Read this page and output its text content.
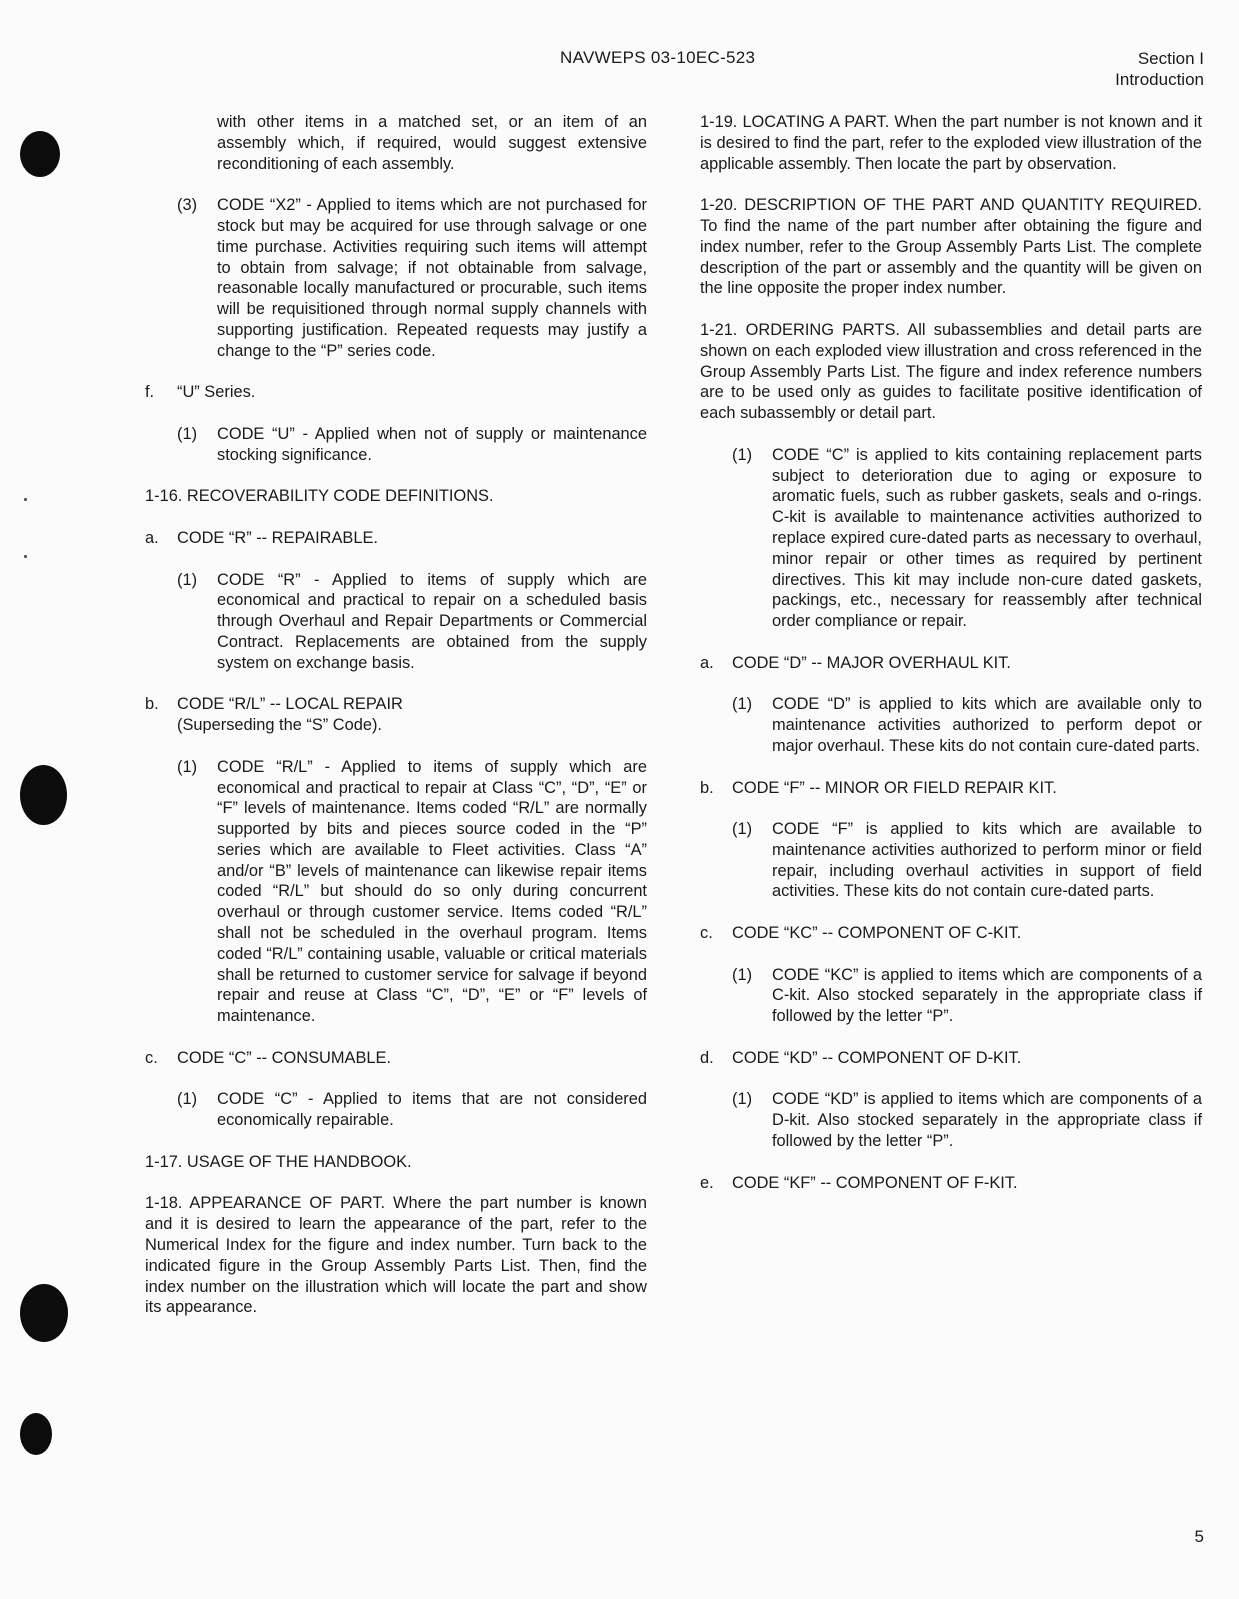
NAVWEPS 03-10EC-523	Section I
Introduction

with other items in a matched set, or an item of an assembly which, if required, would suggest extensive reconditioning of each assembly.

(3) CODE “X2” - Applied to items which are not purchased for stock but may be acquired for use through salvage or one time purchase. Activities requiring such items will attempt to obtain from salvage; if not obtainable from salvage, reasonable locally manufactured or procurable, such items will be requisitioned through normal supply channels with supporting justification. Repeated requests may justify a change to the “P” series code.

f. “U” Series.

(1) CODE “U” - Applied when not of supply or maintenance stocking significance.

1-16. RECOVERABILITY CODE DEFINITIONS.

a. CODE “R” -- REPAIRABLE.

(1) CODE “R” - Applied to items of supply which are economical and practical to repair on a scheduled basis through Overhaul and Repair Departments or Commercial Contract. Replacements are obtained from the supply system on exchange basis.
b. CODE “R/L” -- LOCAL REPAIR
(Superseding the “S” Code).
(1) CODE “R/L” - Applied to items of supply which are economical and practical to repair at Class “C”, “D”, “E” or “F” levels of maintenance. Items coded “R/L” are normally supported by bits and pieces source coded in the “P” series which are available to Fleet activities. Class “A” and/or “B” levels of maintenance can likewise repair items coded “R/L” but should do so only during concurrent overhaul or through customer service. Items coded “R/L” shall not be scheduled in the overhaul program. Items coded “R/L” containing usable, valuable or critical materials shall be returned to customer service for salvage if beyond repair and reuse at Class “C”, “D”, “E” or “F” levels of maintenance.

c. CODE “C” -- CONSUMABLE.

(1) CODE “C” - Applied to items that are not considered economically repairable.

1-17. USAGE OF THE HANDBOOK.

1-18. APPEARANCE OF PART. Where the part number is known and it is desired to learn the appearance of the part, refer to the Numerical Index for the figure and index number. Turn back to the indicated figure in the Group Assembly Parts List. Then, find the index number on the illustration which will locate the part and show its appearance.

1-19. LOCATING A PART. When the part number is not known and it is desired to find the part, refer to the exploded view illustration of the applicable assembly. Then locate the part by observation.

1-20. DESCRIPTION OF THE PART AND QUANTITY REQUIRED. To find the name of the part number after obtaining the figure and index number, refer to the Group Assembly Parts List. The complete description of the part or assembly and the quantity will be given on the line opposite the proper index number.

1-21. ORDERING PARTS. All subassemblies and detail parts are shown on each exploded view illustration and cross referenced in the Group Assembly Parts List. The figure and index reference numbers are to be used only as guides to facilitate positive identification of each subassembly or detail part.

(1) CODE “C” is applied to kits containing replacement parts subject to deterioration due to aging or exposure to aromatic fuels, such as rubber gaskets, seals and o-rings. C-kit is available to maintenance activities authorized to replace expired cure-dated parts as necessary to overhaul, minor repair or other times as required by pertinent directives. This kit may include non-cure dated gaskets, packings, etc., necessary for reassembly after technical order compliance or repair.

a. CODE “D” -- MAJOR OVERHAUL KIT.

(1) CODE “D” is applied to kits which are available only to maintenance activities authorized to perform depot or major overhaul. These kits do not contain cure-dated parts.

b. CODE “F” -- MINOR OR FIELD REPAIR KIT.

(1) CODE “F” is applied to kits which are available to maintenance activities authorized to perform minor or field repair, including overhaul activities in support of field activities. These kits do not contain cure-dated parts.

c. CODE “KC” -- COMPONENT OF C-KIT.

(1) CODE “KC” is applied to items which are components of a C-kit. Also stocked separately in the appropriate class if followed by the letter “P”.

d. CODE “KD” -- COMPONENT OF D-KIT.

(1) CODE “KD” is applied to items which are components of a D-kit. Also stocked separately in the appropriate class if followed by the letter “P”.

e. CODE “KF” -- COMPONENT OF F-KIT.

5
